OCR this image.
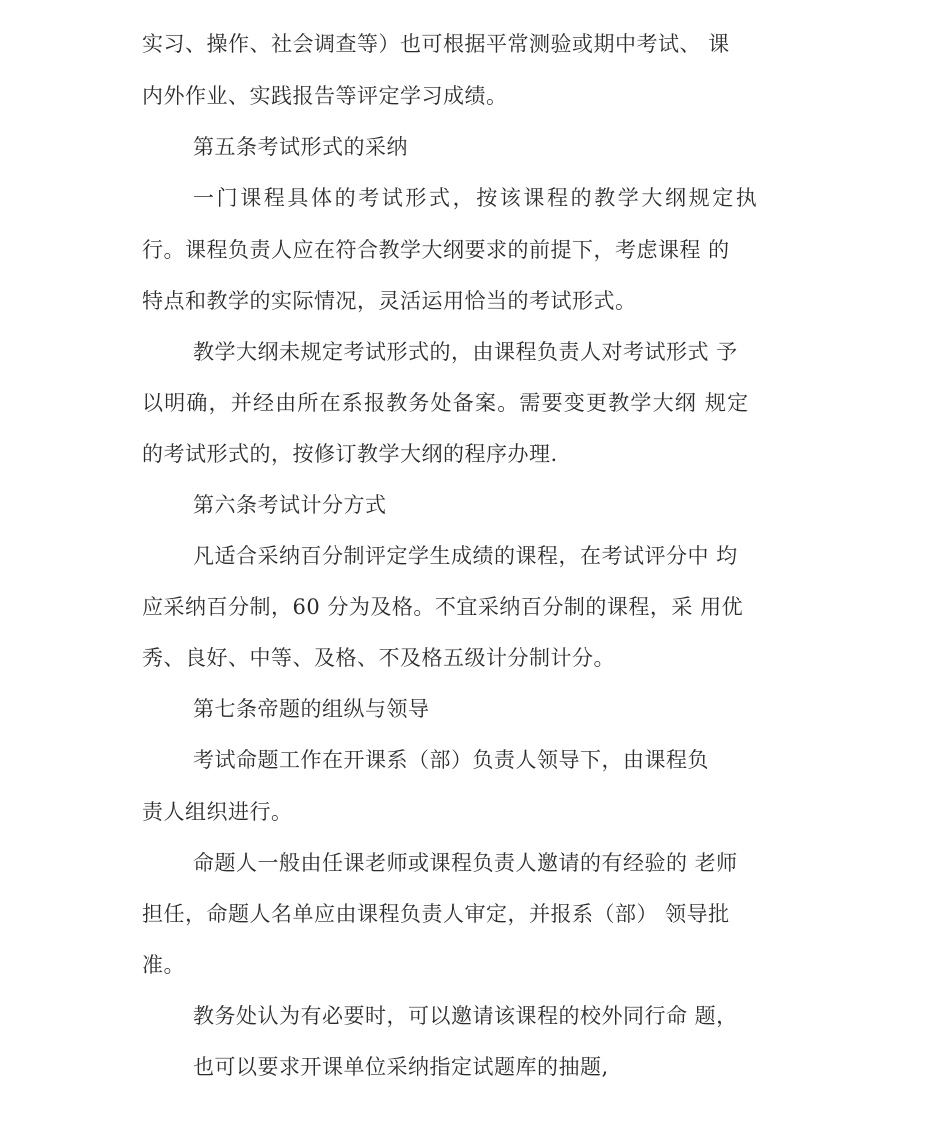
实习、操作、社会调查等）也可根据平常测验或期中考试、 课
内外作业、实践报告等评定学习成绩。
第五条考试形式的采纳
一门课程具体的考试形式，按该课程的教学大纲规定执
行。课程负责人应在符合教学大纲要求的前提下，考虑课程 的
特点和教学的实际情况，灵活运用恰当的考试形式。
教学大纲未规定考试形式的，由课程负责人对考试形式 予
以明确，并经由所在系报教务处备案。需要变更教学大纲 规定
的考试形式的，按修订教学大纲的程序办理.
第六条考试计分方式
凡适合采纳百分制评定学生成绩的课程，在考试评分中 均
应采纳百分制，60 分为及格。不宜采纳百分制的课程，采 用优
秀、良好、中等、及格、不及格五级计分制计分。
第七条帝题的组纵与领导
考试命题工作在开课系（部）负责人领导下，由课程负
责人组织进行。
命题人一般由任课老师或课程负责人邀请的有经验的 老师
担任，命题人名单应由课程负责人审定，并报系（部） 领导批
准。
教务处认为有必要时，可以邀请该课程的校外同行命 题，
也可以要求开课单位采纳指定试题库的抽题,
